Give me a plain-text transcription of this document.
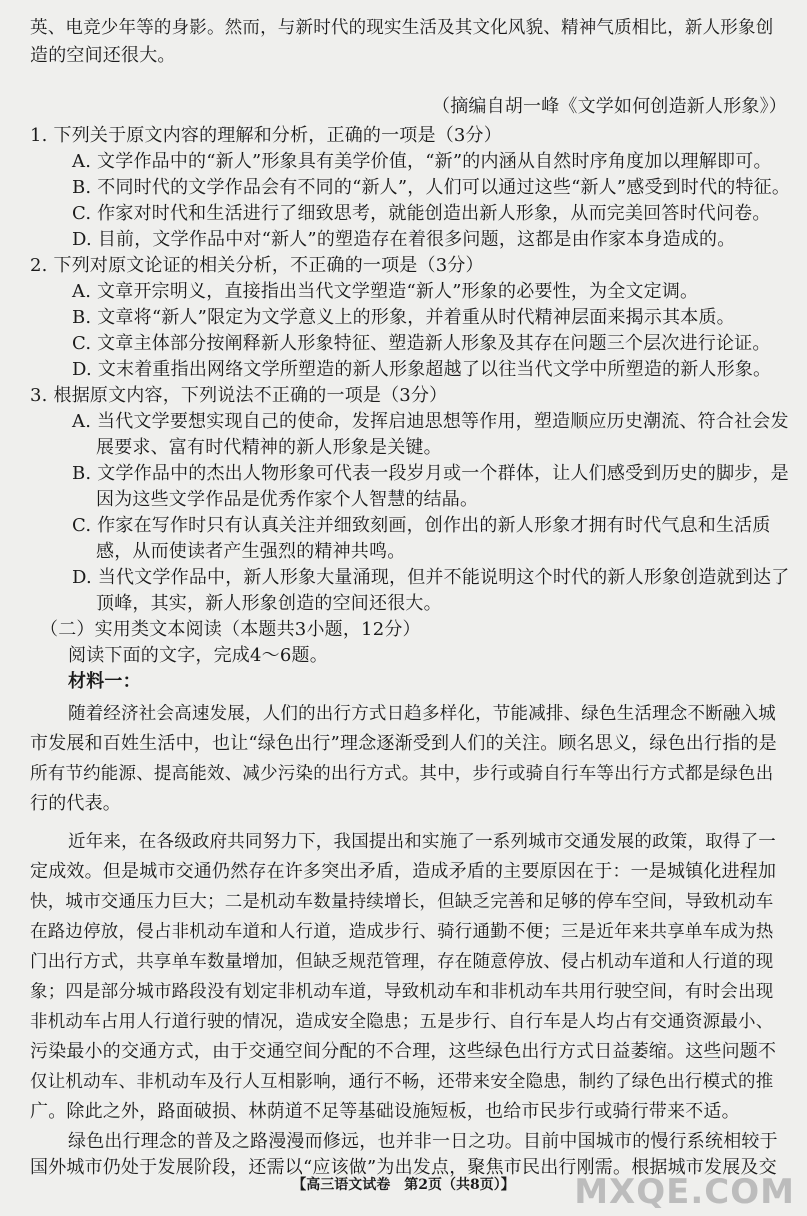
英、电竞少年等的身影。然而，与新时代的现实生活及其文化风貌、精神气质相比，新人形象创
造的空间还很大。
（摘编自胡一峰《文学如何创造新人形象》）
1. 下列关于原文内容的理解和分析，正确的一项是（3分）
A. 文学作品中的“新人”形象具有美学价值，“新”的内涵从自然时序角度加以理解即可。
B. 不同时代的文学作品会有不同的“新人”，人们可以通过这些“新人”感受到时代的特征。
C. 作家对时代和生活进行了细致思考，就能创造出新人形象，从而完美回答时代问卷。
D. 目前，文学作品中对“新人”的塑造存在着很多问题，这都是由作家本身造成的。
2. 下列对原文论证的相关分析，不正确的一项是（3分）
A. 文章开宗明义，直接指出当代文学塑造“新人”形象的必要性，为全文定调。
B. 文章将“新人”限定为文学意义上的形象，并着重从时代精神层面来揭示其本质。
C. 文章主体部分按阐释新人形象特征、塑造新人形象及其存在问题三个层次进行论证。
D. 文末着重指出网络文学所塑造的新人形象超越了以往当代文学中所塑造的新人形象。
3. 根据原文内容，下列说法不正确的一项是（3分）
A. 当代文学要想实现自己的使命，发挥启迪思想等作用，塑造顺应历史潮流、符合社会发
展要求、富有时代精神的新人形象是关键。
B. 文学作品中的杰出人物形象可代表一段岁月或一个群体，让人们感受到历史的脚步，是
因为这些文学作品是优秀作家个人智慧的结晶。
C. 作家在写作时只有认真关注并细致刻画，创作出的新人形象才拥有时代气息和生活质
感，从而使读者产生强烈的精神共鸣。
D. 当代文学作品中，新人形象大量涌现，但并不能说明这个时代的新人形象创造就到达了
顶峰，其实，新人形象创造的空间还很大。
（二）实用类文本阅读（本题共3小题，12分）
阅读下面的文字，完成4～6题。
材料一：
随着经济社会高速发展，人们的出行方式日趋多样化，节能减排、绿色生活理念不断融入城
市发展和百姓生活中，也让“绿色出行”理念逐渐受到人们的关注。顾名思义，绿色出行指的是
所有节约能源、提高能效、减少污染的出行方式。其中，步行或骑自行车等出行方式都是绿色出
行的代表。
近年来，在各级政府共同努力下，我国提出和实施了一系列城市交通发展的政策，取得了一
定成效。但是城市交通仍然存在许多突出矛盾，造成矛盾的主要原因在于：一是城镇化进程加
快，城市交通压力巨大；二是机动车数量持续增长，但缺乏完善和足够的停车空间，导致机动车
在路边停放，侵占非机动车道和人行道，造成步行、骑行通勤不便；三是近年来共享单车成为热
门出行方式，共享单车数量增加，但缺乏规范管理，存在随意停放、侵占机动车道和人行道的现
象；四是部分城市路段没有划定非机动车道，导致机动车和非机动车共用行驶空间，有时会出现
非机动车占用人行道行驶的情况，造成安全隐患；五是步行、自行车是人均占有交通资源最小、
污染最小的交通方式，由于交通空间分配的不合理，这些绿色出行方式日益萎缩。这些问题不
仅让机动车、非机动车及行人互相影响，通行不畅，还带来安全隐患，制约了绿色出行模式的推
广。除此之外，路面破损、林荫道不足等基础设施短板，也给市民步行或骑行带来不适。
绿色出行理念的普及之路漫漫而修远，也并非一日之功。目前中国城市的慢行系统相较于
国外城市仍处于发展阶段，还需以“应该做”为出发点，聚焦市民出行刚需。根据城市发展及交
【高三语文试卷　第2页（共8页）】	MXQE.COM
